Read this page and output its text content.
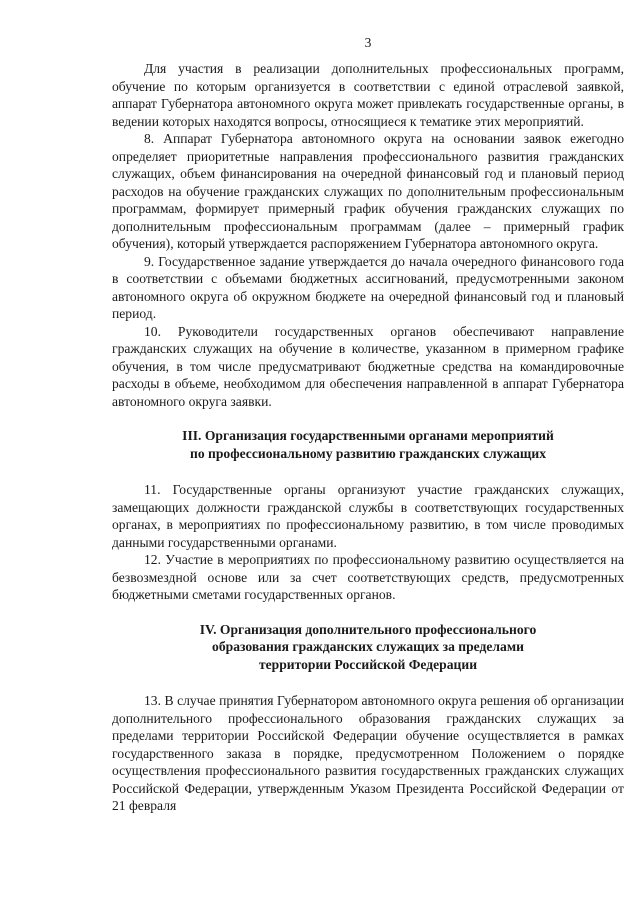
3

Для участия в реализации дополнительных профессиональных программ, обучение по которым организуется в соответствии с единой отраслевой заявкой, аппарат Губернатора автономного округа может привлекать государственные органы, в ведении которых находятся вопросы, относящиеся к тематике этих мероприятий.

8. Аппарат Губернатора автономного округа на основании заявок ежегодно определяет приоритетные направления профессионального развития гражданских служащих, объем финансирования на очередной финансовый год и плановый период расходов на обучение гражданских служащих по дополнительным профессиональным программам, формирует примерный график обучения гражданских служащих по дополнительным профессиональным программам (далее – примерный график обучения), который утверждается распоряжением Губернатора автономного округа.

9. Государственное задание утверждается до начала очередного финансового года в соответствии с объемами бюджетных ассигнований, предусмотренными законом автономного округа об окружном бюджете на очередной финансовый год и плановый период.

10. Руководители государственных органов обеспечивают направление гражданских служащих на обучение в количестве, указанном в примерном графике обучения, в том числе предусматривают бюджетные средства на командировочные расходы в объеме, необходимом для обеспечения направленной в аппарат Губернатора автономного округа заявки.

III. Организация государственными органами мероприятий
по профессиональному развитию гражданских служащих

11. Государственные органы организуют участие гражданских служащих, замещающих должности гражданской службы в соответствующих государственных органах, в мероприятиях по профессиональному развитию, в том числе проводимых данными государственными органами.

12. Участие в мероприятиях по профессиональному развитию осуществляется на безвозмездной основе или за счет соответствующих средств, предусмотренных бюджетными сметами государственных органов.

IV. Организация дополнительного профессионального
образования гражданских служащих за пределами
территории Российской Федерации

13. В случае принятия Губернатором автономного округа решения об организации дополнительного профессионального образования гражданских служащих за пределами территории Российской Федерации обучение осуществляется в рамках государственного заказа в порядке, предусмотренном Положением о порядке осуществления профессионального развития государственных гражданских служащих Российской Федерации, утвержденным Указом Президента Российской Федерации от 21 февраля
